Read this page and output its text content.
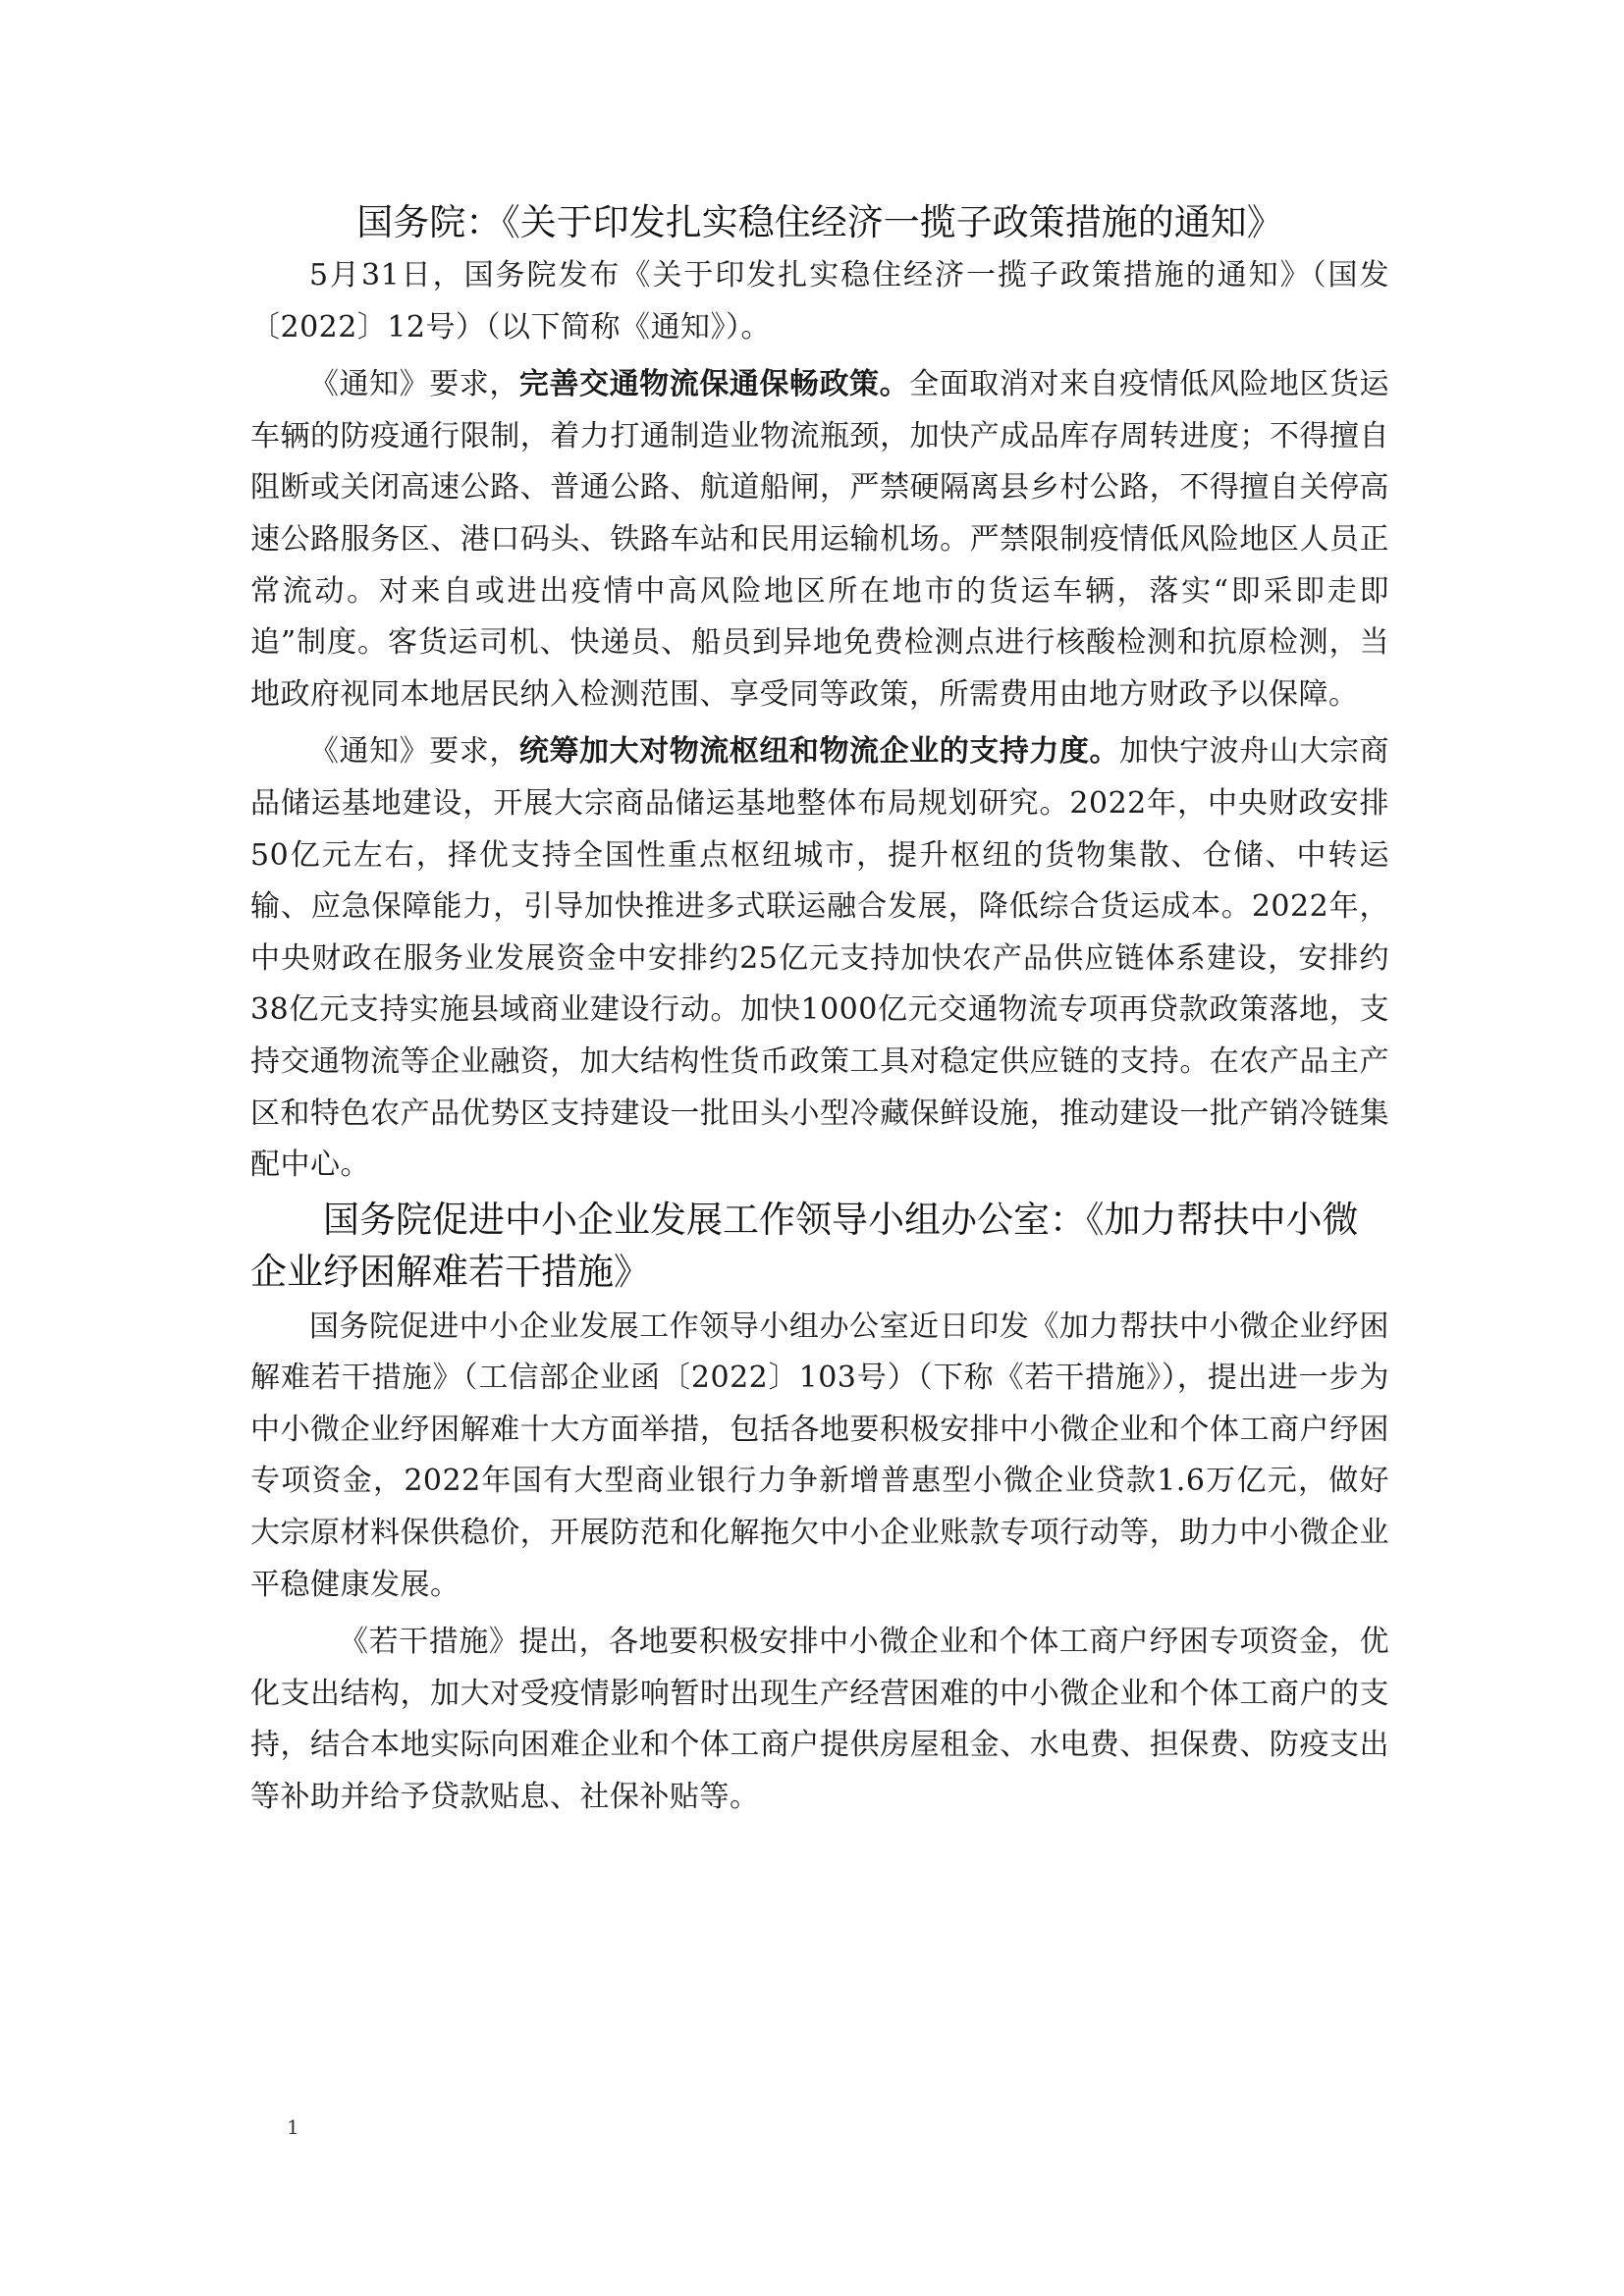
国务院：《关于印发扎实稳住经济一揽子政策措施的通知》

5月31日，国务院发布《关于印发扎实稳住经济一揽子政策措施的通知》（国发〔2022〕12号）（以下简称《通知》）。

《通知》要求，完善交通物流保通保畅政策。全面取消对来自疫情低风险地区货运车辆的防疫通行限制，着力打通制造业物流瓶颈，加快产成品库存周转进度；不得擅自阻断或关闭高速公路、普通公路、航道船闸，严禁硬隔离县乡村公路，不得擅自关停高速公路服务区、港口码头、铁路车站和民用运输机场。严禁限制疫情低风险地区人员正常流动。对来自或进出疫情中高风险地区所在地市的货运车辆，落实“即采即走即追”制度。客货运司机、快递员、船员到异地免费检测点进行核酸检测和抗原检测，当地政府视同本地居民纳入检测范围、享受同等政策，所需费用由地方财政予以保障。

《通知》要求，统筹加大对物流枢纽和物流企业的支持力度。加快宁波舟山大宗商品储运基地建设，开展大宗商品储运基地整体布局规划研究。2022年，中央财政安排50亿元左右，择优支持全国性重点枢纽城市，提升枢纽的货物集散、仓储、中转运输、应急保障能力，引导加快推进多式联运融合发展，降低综合货运成本。2022年，中央财政在服务业发展资金中安排约25亿元支持加快农产品供应链体系建设，安排约38亿元支持实施县域商业建设行动。加快1000亿元交通物流专项再贷款政策落地，支持交通物流等企业融资，加大结构性货币政策工具对稳定供应链的支持。在农产品主产区和特色农产品优势区支持建设一批田头小型冷藏保鲜设施，推动建设一批产销冷链集配中心。

国务院促进中小企业发展工作领导小组办公室：《加力帮扶中小微企业纾困解难若干措施》

国务院促进中小企业发展工作领导小组办公室近日印发《加力帮扶中小微企业纾困解难若干措施》（工信部企业函〔2022〕103号）（下称《若干措施》），提出进一步为中小微企业纾困解难十大方面举措，包括各地要积极安排中小微企业和个体工商户纾困专项资金，2022年国有大型商业银行力争新增普惠型小微企业贷款1.6万亿元，做好大宗原材料保供稳价，开展防范和化解拖欠中小企业账款专项行动等，助力中小微企业平稳健康发展。

《若干措施》提出，各地要积极安排中小微企业和个体工商户纾困专项资金，优化支出结构，加大对受疫情影响暂时出现生产经营困难的中小微企业和个体工商户的支持，结合本地实际向困难企业和个体工商户提供房屋租金、水电费、担保费、防疫支出等补助并给予贷款贴息、社保补贴等。

1
